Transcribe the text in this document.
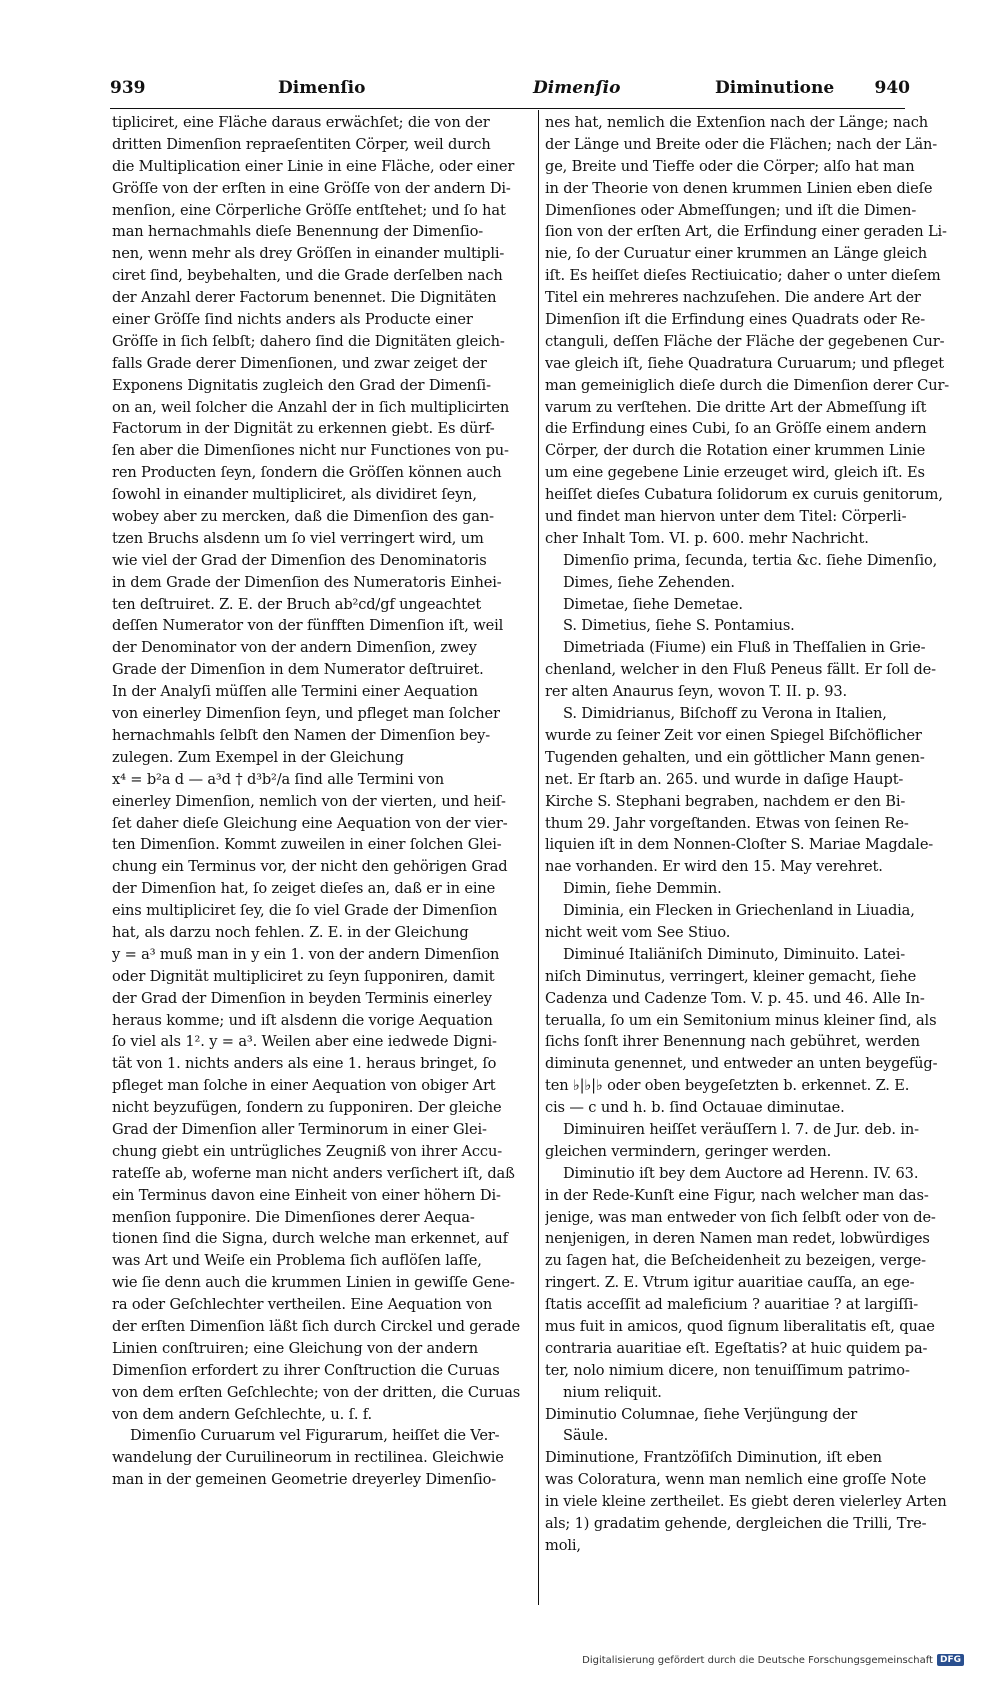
939	Dimenſio	Dimenſio	Diminutione 940
tipliciret, eine Fläche daraus erwächſet; die von der
dritten Dimenſion repraeſentiten Cörper, weil durch
die Multiplication einer Linie in eine Fläche, oder einer
Gröſſe von der erſten in eine Gröſſe von der andern Di-
menſion, eine Cörperliche Gröſſe entſtehet; und ſo hat
man hernachmahls dieſe Benennung der Dimenſio-
nen, wenn mehr als drey Gröſſen in einander multipli-
ciret ſind, beybehalten, und die Grade derſelben nach
der Anzahl derer Factorum benennet. Die Dignitäten
einer Gröſſe ſind nichts anders als Producte einer
Gröſſe in ſich ſelbſt; dahero ſind die Dignitäten gleich-
falls Grade derer Dimenſionen, und zwar zeiget der
Exponens Dignitatis zugleich den Grad der Dimenſi-
on an, weil ſolcher die Anzahl der in ſich multiplicirten
Factorum in der Dignität zu erkennen giebt. Es dürf-
ſen aber die Dimenſiones nicht nur Functiones von pu-
ren Producten ſeyn, ſondern die Gröſſen können auch
ſowohl in einander multipliciret, als dividiret ſeyn,
wobey aber zu mercken, daß die Dimenſion des gan-
tzen Bruchs alsdenn um ſo viel verringert wird, um
wie viel der Grad der Dimenſion des Denominatoris
in dem Grade der Dimenſion des Numeratoris Einhei-
ten deſtruiret. Z. E. der Bruch ab²cd/gf ungeachtet
deſſen Numerator von der fünfften Dimenſion iſt, weil
der Denominator von der andern Dimenſion, zwey
Grade der Dimenſion in dem Numerator deſtruiret.
In der Analyſi müſſen alle Termini einer Aequation
von einerley Dimenſion ſeyn, und pfleget man ſolcher
hernachmahls ſelbſt den Namen der Dimenſion bey-
zulegen. Zum Exempel in der Gleichung
x⁴ = b²a d — a³d † d³b²/a ſind alle Termini von
einerley Dimenſion, nemlich von der vierten, und heiſ-
ſet daher dieſe Gleichung eine Aequation von der vier-
ten Dimenſion. Kommt zuweilen in einer ſolchen Glei-
chung ein Terminus vor, der nicht den gehörigen Grad
der Dimenſion hat, ſo zeiget dieſes an, daß er in eine
eins multipliciret ſey, die ſo viel Grade der Dimenſion
hat, als darzu noch fehlen. Z. E. in der Gleichung
y = a³ muß man in y ein 1. von der andern Dimenſion
oder Dignität multipliciret zu ſeyn ſupponiren, damit
der Grad der Dimenſion in beyden Terminis einerley
heraus komme; und iſt alsdenn die vorige Aequation
ſo viel als 1². y = a³. Weilen aber eine iedwede Digni-
tät von 1. nichts anders als eine 1. heraus bringet, ſo
pfleget man ſolche in einer Aequation von obiger Art
nicht beyzufügen, ſondern zu ſupponiren. Der gleiche
Grad der Dimenſion aller Terminorum in einer Glei-
chung giebt ein untrügliches Zeugniß von ihrer Accu-
rateſſe ab, woferne man nicht anders verſichert iſt, daß
ein Terminus davon eine Einheit von einer höhern Di-
menſion ſupponire. Die Dimenſiones derer Aequa-
tionen ſind die Signa, durch welche man erkennet, auf
was Art und Weiſe ein Problema ſich auflöſen laſſe,
wie ſie denn auch die krummen Linien in gewiſſe Gene-
ra oder Geſchlechter vertheilen. Eine Aequation von
der erſten Dimenſion läßt ſich durch Circkel und gerade
Linien conſtruiren; eine Gleichung von der andern
Dimenſion erfordert zu ihrer Conſtruction die Curuas
von dem erſten Geſchlechte; von der dritten, die Curuas
von dem andern Geſchlechte, u. ſ. f.
Dimenſio Curuarum vel Figurarum, heiſſet die Ver-
wandelung der Curuilineorum in rectilinea. Gleichwie
man in der gemeinen Geometrie dreyerley Dimenſio-
nes hat, nemlich die Extenſion nach der Länge; nach
der Länge und Breite oder die Flächen; nach der Län-
ge, Breite und Tieffe oder die Cörper; alſo hat man
in der Theorie von denen krummen Linien eben dieſe
Dimenſiones oder Abmeſſungen; und iſt die Dimen-
ſion von der erſten Art, die Erfindung einer geraden Li-
nie, ſo der Curuatur einer krummen an Länge gleich
iſt. Es heiſſet dieſes Rectiuicatio; daher o unter dieſem
Titel ein mehreres nachzuſehen. Die andere Art der
Dimenſion iſt die Erfindung eines Quadrats oder Re-
ctanguli, deſſen Fläche der Fläche der gegebenen Cur-
vae gleich iſt, ſiehe Quadratura Curuarum; und pfleget
man gemeiniglich dieſe durch die Dimenſion derer Cur-
varum zu verſtehen. Die dritte Art der Abmeſſung iſt
die Erfindung eines Cubi, ſo an Gröſſe einem andern
Cörper, der durch die Rotation einer krummen Linie
um eine gegebene Linie erzeuget wird, gleich iſt. Es
heiſſet dieſes Cubatura ſolidorum ex curuis genitorum,
und findet man hiervon unter dem Titel: Cörperli-
cher Inhalt Tom. VI. p. 600. mehr Nachricht.
Dimenſio prima, ſecunda, tertia &c. ſiehe Dimenſio,
Dimes, ſiehe Zehenden.
Dimetae, ſiehe Demetae.
S. Dimetius, ſiehe S. Pontamius.
Dimetriada (Fiume) ein Fluß in Theſſalien in Grie-
chenland, welcher in den Fluß Peneus fällt. Er ſoll de-
rer alten Anaurus ſeyn, wovon T. II. p. 93.
S. Dimidrianus, Biſchoff zu Verona in Italien,
wurde zu ſeiner Zeit vor einen Spiegel Biſchöflicher
Tugenden gehalten, und ein göttlicher Mann genen-
net. Er ſtarb an. 265. und wurde in daſige Haupt-
Kirche S. Stephani begraben, nachdem er den Bi-
thum 29. Jahr vorgeſtanden. Etwas von ſeinen Re-
liquien iſt in dem Nonnen-Cloſter S. Mariae Magdale-
nae vorhanden. Er wird den 15. May verehret.
Dimin, ſiehe Demmin.
Diminia, ein Flecken in Griechenland in Liuadia,
nicht weit vom See Stiuo.
Diminué Italiäniſch Diminuto, Diminuito. Latei-
niſch Diminutus, verringert, kleiner gemacht, ſiehe
Cadenza und Cadenze Tom. V. p. 45. und 46. Alle In-
terualla, ſo um ein Semitonium minus kleiner ſind, als
ſichs ſonſt ihrer Benennung nach gebühret, werden
diminuta genennet, und entweder an unten beygefüg-
ten ♭|♭|♭ oder oben beygeſetzten b. erkennet. Z. E.
cis — c und h. b. ſind Octauae diminutae.
Diminuiren heiſſet veräuſſern l. 7. de Jur. deb. in-
gleichen vermindern, geringer werden.
Diminutio iſt bey dem Auctore ad Herenn. IV. 63.
in der Rede-Kunſt eine Figur, nach welcher man das-
jenige, was man entweder von ſich ſelbſt oder von de-
nenjenigen, in deren Namen man redet, lobwürdiges
zu ſagen hat, die Beſcheidenheit zu bezeigen, verge-
ringert. Z. E. Vtrum igitur auaritiae cauſſa, an ege-
ſtatis acceſſit ad maleficium ? auaritiae ? at largiſſi-
mus fuit in amicos, quod ſignum liberalitatis eſt, quae
contraria auaritiae eſt. Egeſtatis? at huic quidem pa-
ter, nolo nimium dicere, non tenuiſſimum patrimo-
nium reliquit.
Diminutio Columnae, ſiehe Verjüngung der
Säule.
Diminutione, Frantzöſiſch Diminution, iſt eben
was Coloratura, wenn man nemlich eine groſſe Note
in viele kleine zertheilet. Es giebt deren vielerley Arten
als; 1) gradatim gehende, dergleichen die Trilli, Tre-
moli,
Digitalisierung gefördert durch die Deutsche Forschungsgemeinschaft DFG
